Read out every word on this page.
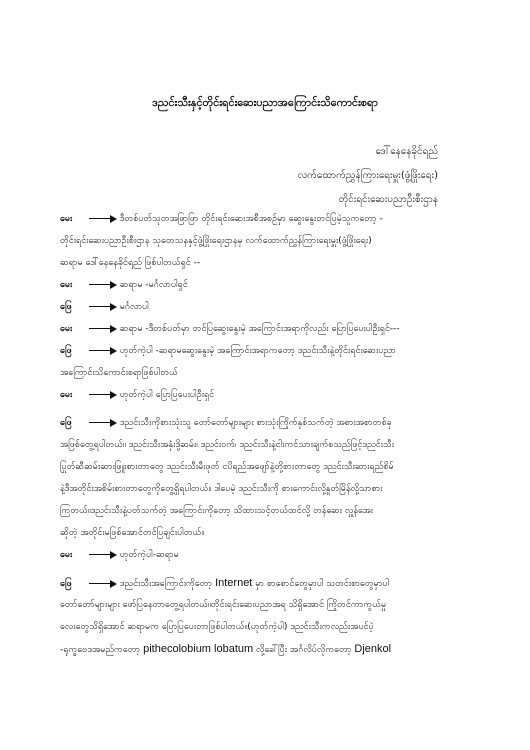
ဒညင်းသီးနှင့်တိုင်းရင်းဆေးပညာအကြောင်းသိကောင်းစရာ
ဒေါ်နေနေခိုင်ရည်
လက်ထောက်ညွှန်ကြားရေးမှူး(ဖွံ့ဖြိုးရေး)
တိုင်းရင်းဆေးပညာဦးစီးဌာန
မေး	ဒီတစ်ပတ်သုတအဖြာဖြာ တိုင်းရင်းဆေးအစီအစဉ်မှာ ဆွေးနွေးတင်ပြမဲ့သူကတော့ -
တိုင်းရင်းဆေးပညာဦးစီးဌာန သုတေသနနှင့်ဖွံ့ဖြိုးရေးဌာနမှ လက်ထောက်ညွှန်ကြားရေးမှူး(ဖွံ့ဖြိုးရေး)
ဆရာမ ဒေါ်နေနေခိုင်ရည် ဖြစ်ပါတယ်ရှင် --
မေး	ဆရာမ -မင်္ဂလာပါရှင်
ဖြေ	မင်္ဂလာပါ
မေး	ဆရာမ -ဒီတစ်ပတ်မှာ တင်ပြဆွေးနွေးမဲ့ အကြောင်းအရာကိုလည်း ပြောပြပေးပါဦးရှင်---
ဖြေ	ဟုတ်ကဲ့ပါ -ဆရာမဆွေးနွေးမဲ့ အကြောင်းအရာကတော့ ဒညင်းသီးနဲ့တိုင်းရင်းဆေးပညာ
အကြောင်းသိကောင်းစရာဖြစ်ပါတယ်
မေး	ဟုတ်ကဲ့ပါ ပြောပြပေးပါဦးရှင်
ဖြေ	ဒညင်းသီးကိုစားသုံးသူ တော်တော်များများ စားသုံးကြိုက်နှစ်သက်တဲ့ အစားအစာတစ်ခု
အဖြစ်တွေ့ရပါတယ်။ ဒညင်းသီးအနှံးဒို့ဆမ်း၊ ဒညင်းဝက်၊ ဒညင်းသီးနဲ့ငါးကင်သားချက်စသည်ဖြင့်ဒညင်းသီး
ပြုတ်ဆီဆမ်းဆားဖြူးစားတာတွေ ဒညင်းသီးမီးဖုတ် ငပိရည်အဖျော်နဲ့တို့စားတာတွေ ဒညင်းသီးဆားရည်စိမ်
နဲ့ဒီအတိုင်းအစိမ်းစားတာတွေကိုတွေ့ရှိရပါတယ်။ ဒါပေမဲ့ ဒညင်းသီးကို စားကောင်းလို့နှုတ်မြိန်လို့သာစား
ကြတယ်။ဒညင်းသီးနဲ့ပတ်သက်တဲ့ အကြောင်းကိုတော့ သိထားသင့်တယ်ထင်လို့ တန်ဆေး လှူန်အေး
ဆိုတဲ့ အတိုင်းမဖြစ်အောင်တင်ပြချင်းပါတယ်။
မေး	ဟုတ်ကဲ့ပါ-ဆရာမ
ဖြေ	ဒညင်းသီးအကြောင်းကိုတော့ Internet မှာ စာစောင်တွေမှာပါ သတင်းစာတွေမှာပါ
တော်တော်များများ ဖော်ပြနေတာတွေ့ရပါတယ်။တိုင်းရင်းဆေးပညာအရ သိရှိအောင် ကြိုတင်ကာကွယ်မှု
လေးတွေသိရှိအောင် ဆရာမက ပြောပြပေးတာဖြစ်ပါတယ်။(ဟုတ်ကဲ့ပါ) ဒညင်းသီးကလည်းအပင်ပဲ့
-ရုက္ခဗေဒအမည်ကတော့ pithecolobium lobatum လို့ခေါ်ပြီး အင်္ဂလိပ်လိုကတော့ Djenkol
